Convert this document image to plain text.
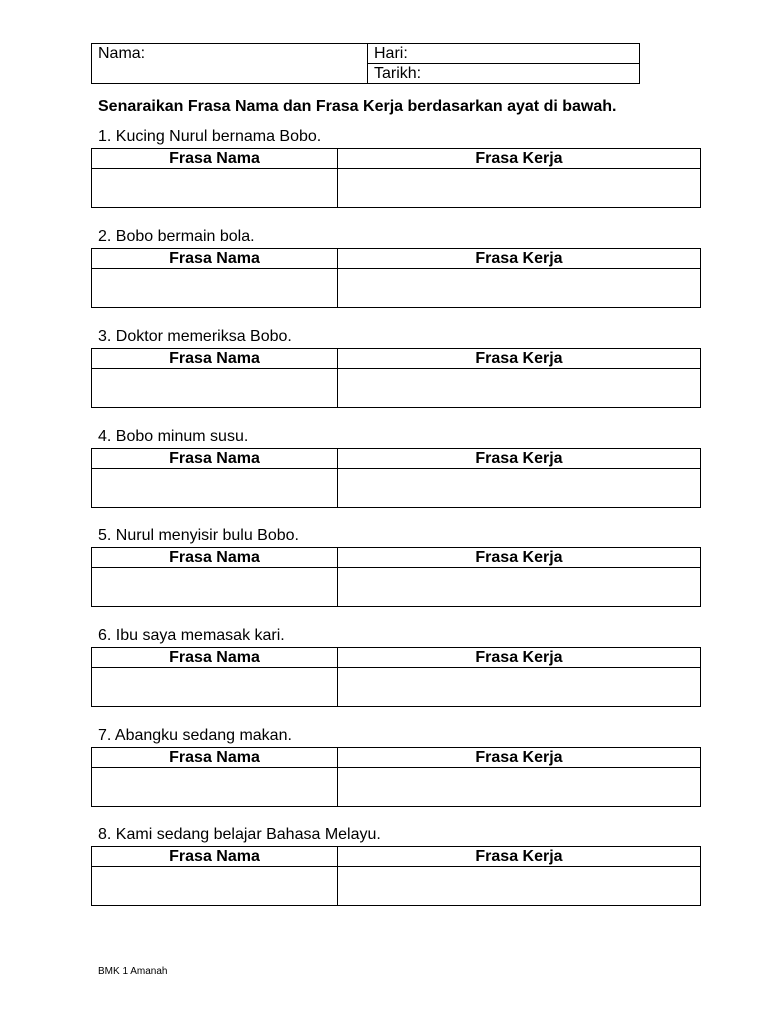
Nama:	Hari:
Tarikh:
Senaraikan Frasa Nama dan Frasa Kerja berdasarkan ayat di bawah.
1. Kucing Nurul bernama Bobo.
Frasa Nama	Frasa Kerja

2. Bobo bermain bola.
Frasa Nama	Frasa Kerja

3. Doktor memeriksa Bobo.
Frasa Nama	Frasa Kerja

4. Bobo minum susu.
Frasa Nama	Frasa Kerja

5. Nurul menyisir bulu Bobo.
Frasa Nama	Frasa Kerja

6. Ibu saya memasak kari.
Frasa Nama	Frasa Kerja

7. Abangku sedang makan.
Frasa Nama	Frasa Kerja

8. Kami sedang belajar Bahasa Melayu.
Frasa Nama	Frasa Kerja

BMK 1 Amanah
